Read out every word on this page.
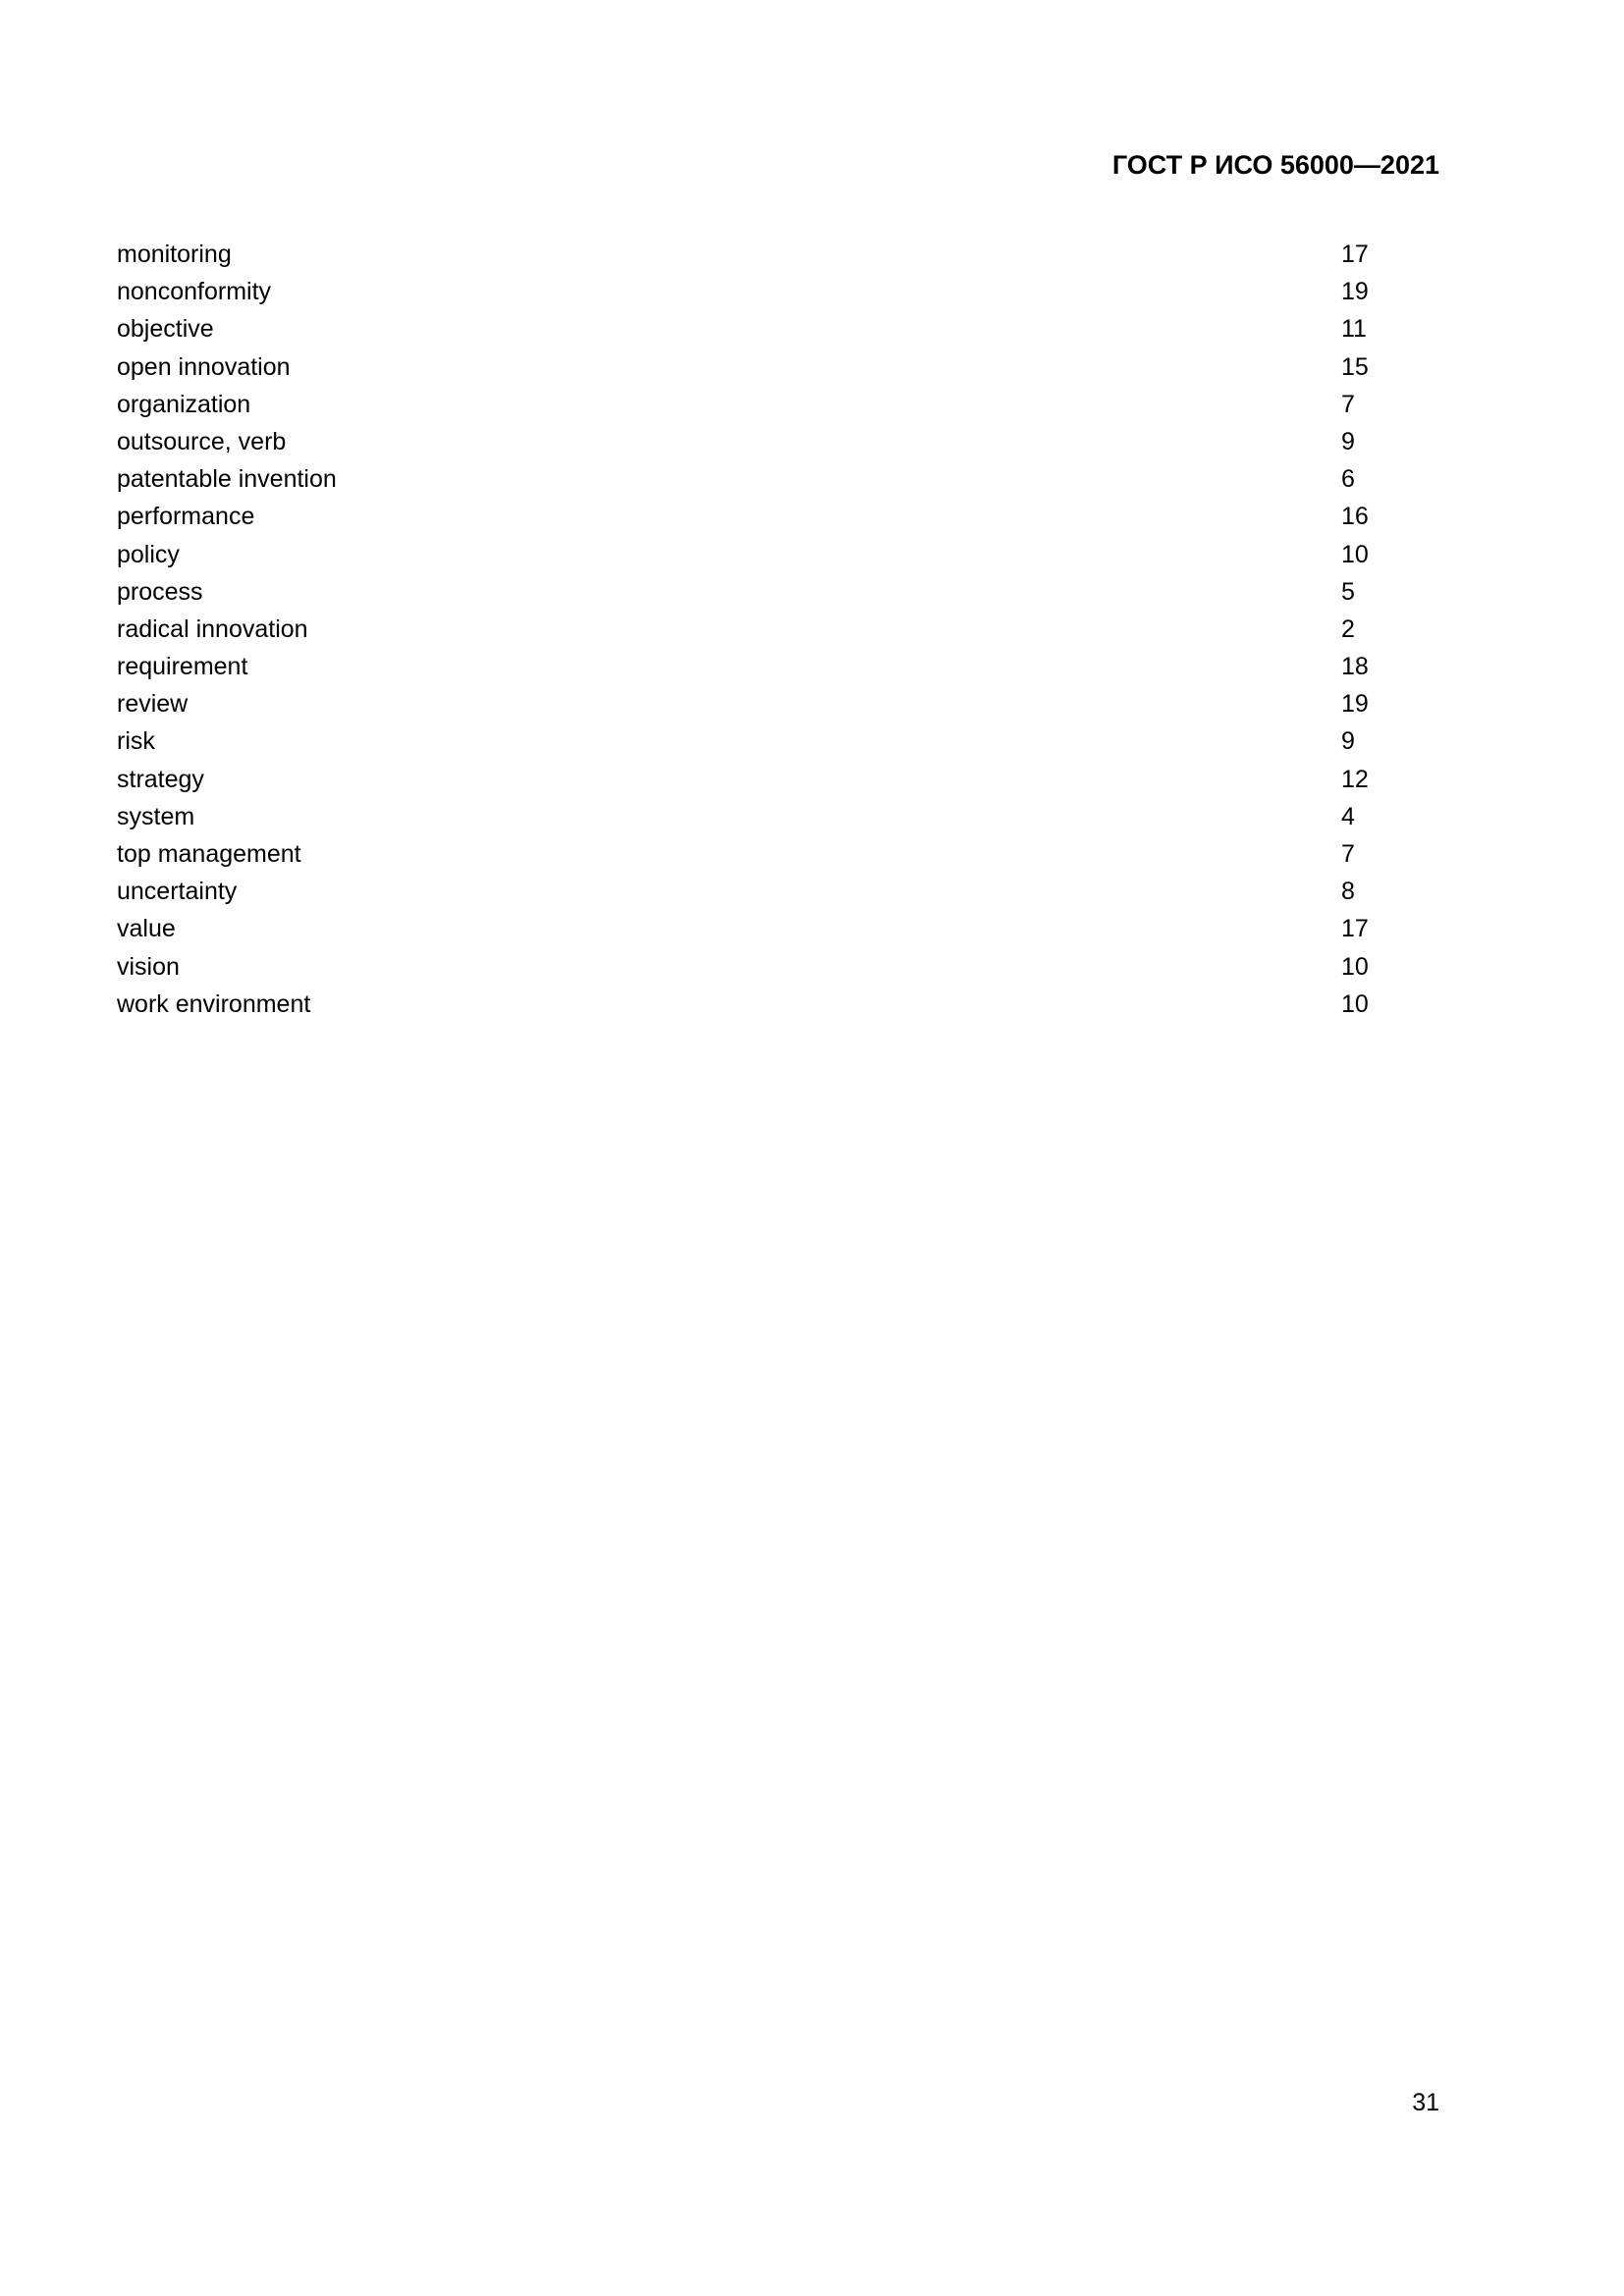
ГОСТ Р ИСО 56000—2021
monitoring	17
nonconformity	19
objective	11
open innovation	15
organization	7
outsource, verb	9
patentable invention	6
performance	16
policy	10
process	5
radical innovation	2
requirement	18
review	19
risk	9
strategy	12
system	4
top management	7
uncertainty	8
value	17
vision	10
work environment	10
31
